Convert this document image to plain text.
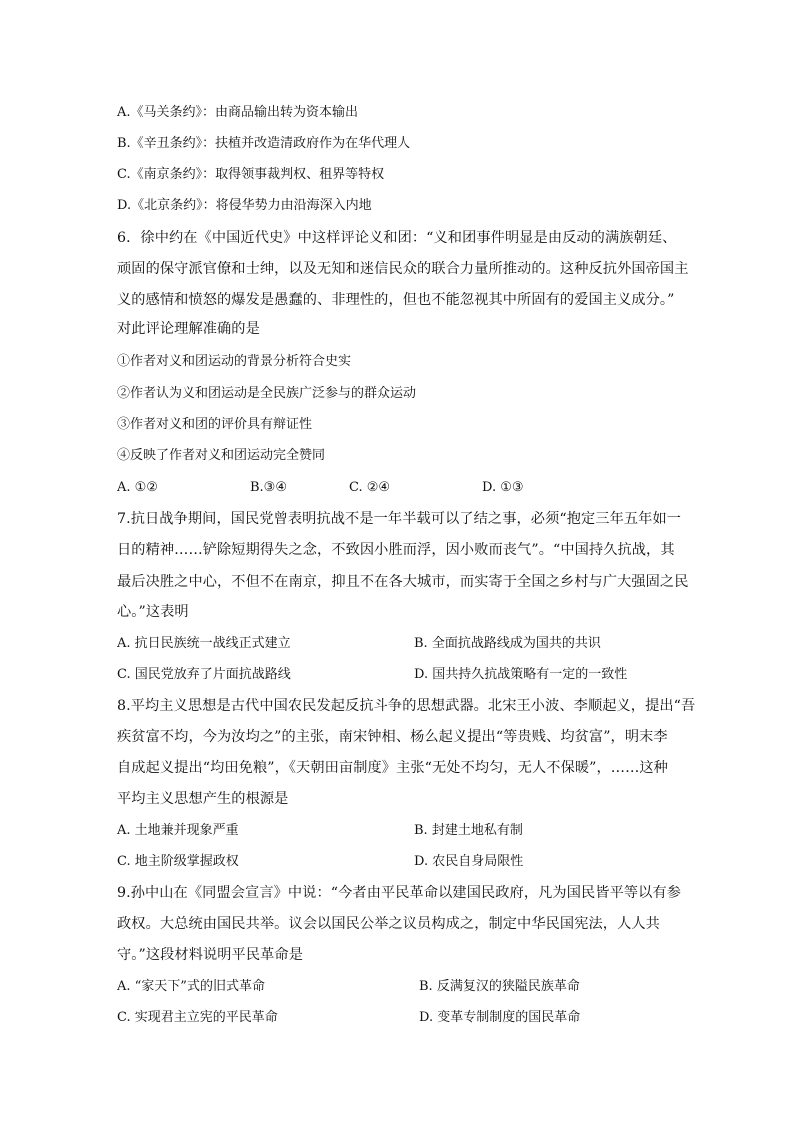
A.《马关条约》：由商品输出转为资本输出
B.《辛丑条约》：扶植并改造清政府作为在华代理人
C.《南京条约》：取得领事裁判权、租界等特权
D.《北京条约》：将侵华势力由沿海深入内地
6．徐中约在《中国近代史》中这样评论义和团：“义和团事件明显是由反动的满族朝廷、
顽固的保守派官僚和士绅，以及无知和迷信民众的联合力量所推动的。这种反抗外国帝国主
义的感情和愤怒的爆发是愚蠢的、非理性的，但也不能忽视其中所固有的爱国主义成分。”
对此评论理解准确的是
①作者对义和团运动的背景分析符合史实
②作者认为义和团运动是全民族广泛参与的群众运动
③作者对义和团的评价具有辩证性
④反映了作者对义和团运动完全赞同
A. ①②	B.③④	C. ②④	D. ①③
7.抗日战争期间，国民党曾表明抗战不是一年半载可以了结之事，必须“抱定三年五年如一
日的精神……铲除短期得失之念，不致因小胜而浮，因小败而丧气”。“中国持久抗战，其
最后决胜之中心，不但不在南京，抑且不在各大城市，而实寄于全国之乡村与广大强固之民
心。”这表明
A. 抗日民族统一战线正式建立	B. 全面抗战路线成为国共的共识
C. 国民党放弃了片面抗战路线	D. 国共持久抗战策略有一定的一致性
8.平均主义思想是古代中国农民发起反抗斗争的思想武器。北宋王小波、李顺起义，提出“吾
疾贫富不均，今为汝均之”的主张，南宋钟相、杨么起义提出“等贵贱、均贫富”，明末李
自成起义提出“均田免粮”，《天朝田亩制度》主张“无处不均匀，无人不保暖”，……这种
平均主义思想产生的根源是
A. 土地兼并现象严重	B. 封建土地私有制
C. 地主阶级掌握政权	D. 农民自身局限性
9.孙中山在《同盟会宣言》中说：“今者由平民革命以建国民政府，凡为国民皆平等以有参
政权。大总统由国民共举。议会以国民公举之议员构成之，制定中华民国宪法，人人共
守。”这段材料说明平民革命是
A. “家天下”式的旧式革命	B. 反满复汉的狭隘民族革命
C. 实现君主立宪的平民革命	D. 变革专制制度的国民革命
